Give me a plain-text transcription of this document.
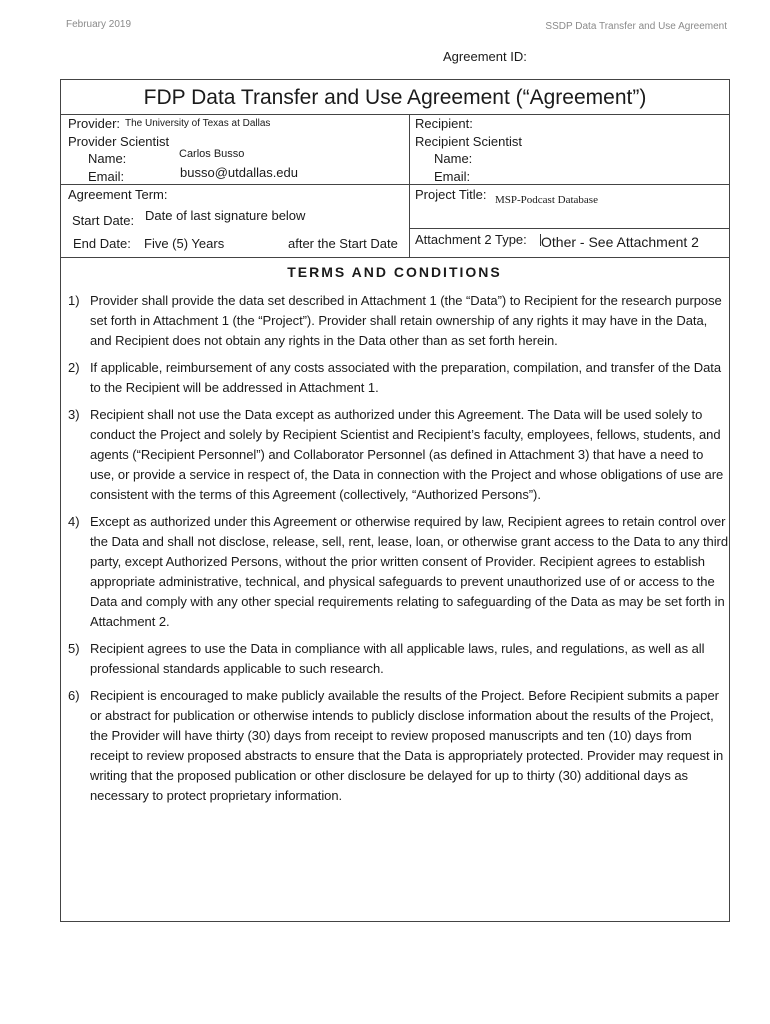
February 2019	SSDP Data Transfer and Use Agreement
Agreement ID:
FDP Data Transfer and Use Agreement (“Agreement”)
Provider: The University of Texas at Dallas
Provider Scientist
Name:	Carlos Busso
Email:	busso@utdallas.edu
Recipient:
Recipient Scientist
Name:
Email:
Agreement Term:
Start Date: Date of last signature below
End Date: Five (5) Years	after the Start Date
Project Title: MSP-Podcast Database
Attachment 2 Type: Other - See Attachment 2
TERMS AND CONDITIONS
1) Provider shall provide the data set described in Attachment 1 (the “Data”) to Recipient for the research purpose set forth in Attachment 1 (the “Project”). Provider shall retain ownership of any rights it may have in the Data, and Recipient does not obtain any rights in the Data other than as set forth herein.
2) If applicable, reimbursement of any costs associated with the preparation, compilation, and transfer of the Data to the Recipient will be addressed in Attachment 1.
3) Recipient shall not use the Data except as authorized under this Agreement. The Data will be used solely to conduct the Project and solely by Recipient Scientist and Recipient’s faculty, employees, fellows, students, and agents (“Recipient Personnel”) and Collaborator Personnel (as defined in Attachment 3) that have a need to use, or provide a service in respect of, the Data in connection with the Project and whose obligations of use are consistent with the terms of this Agreement (collectively, “Authorized Persons”).
4) Except as authorized under this Agreement or otherwise required by law, Recipient agrees to retain control over the Data and shall not disclose, release, sell, rent, lease, loan, or otherwise grant access to the Data to any third party, except Authorized Persons, without the prior written consent of Provider. Recipient agrees to establish appropriate administrative, technical, and physical safeguards to prevent unauthorized use of or access to the Data and comply with any other special requirements relating to safeguarding of the Data as may be set forth in Attachment 2.
5) Recipient agrees to use the Data in compliance with all applicable laws, rules, and regulations, as well as all professional standards applicable to such research.
6) Recipient is encouraged to make publicly available the results of the Project. Before Recipient submits a paper or abstract for publication or otherwise intends to publicly disclose information about the results of the Project, the Provider will have thirty (30) days from receipt to review proposed manuscripts and ten (10) days from receipt to review proposed abstracts to ensure that the Data is appropriately protected. Provider may request in writing that the proposed publication or other disclosure be delayed for up to thirty (30) additional days as necessary to protect proprietary information.
